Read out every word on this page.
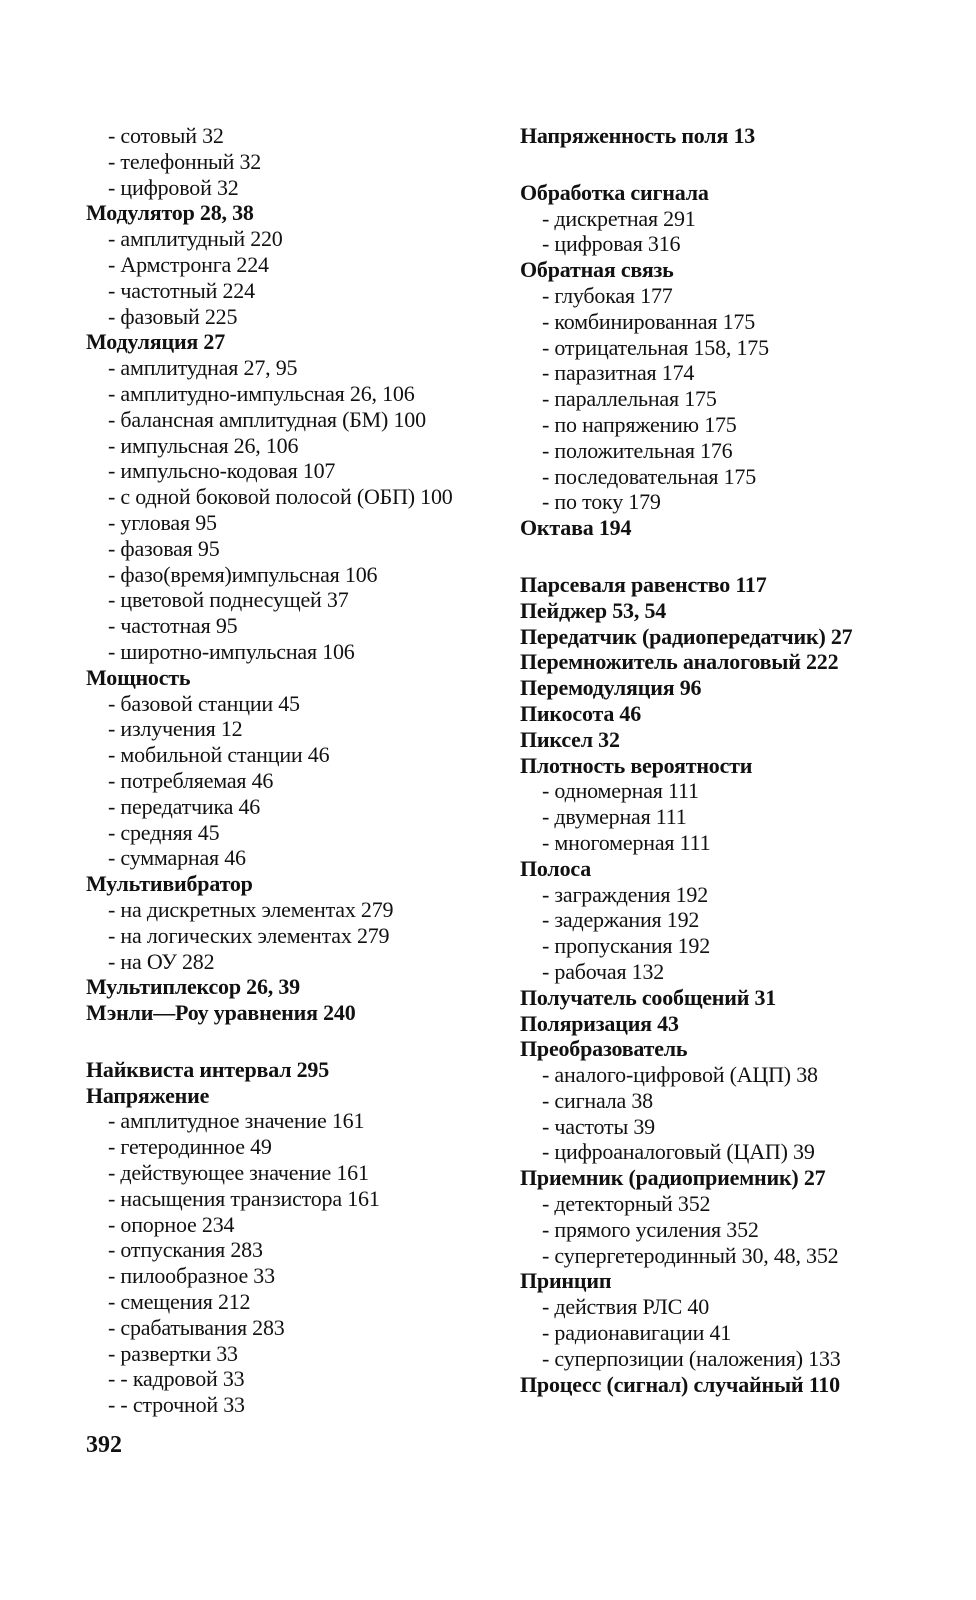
- сотовый 32
- телефонный 32
- цифровой 32
Модулятор 28, 38
- амплитудный 220
- Армстронга 224
- частотный 224
- фазовый 225
Модуляция 27
- амплитудная 27, 95
- амплитудно-импульсная 26, 106
- балансная амплитудная (БМ) 100
- импульсная 26, 106
- импульсно-кодовая 107
- с одной боковой полосой (ОБП) 100
- угловая 95
- фазовая 95
- фазо(время)импульсная 106
- цветовой поднесущей 37
- частотная 95
- широтно-импульсная 106
Мощность
- базовой станции 45
- излучения 12
- мобильной станции 46
- потребляемая 46
- передатчика 46
- средняя 45
- суммарная 46
Мультивибратор
- на дискретных элементах 279
- на логических элементах 279
- на ОУ 282
Мультиплексор 26, 39
Мэнли—Роу уравнения 240
Найквиста интервал 295
Напряжение
- амплитудное значение 161
- гетеродинное 49
- действующее значение 161
- насыщения транзистора 161
- опорное 234
- отпускания 283
- пилообразное 33
- смещения 212
- срабатывания 283
- развертки 33
- - кадровой 33
- - строчной 33
Напряженность поля 13
Обработка сигнала
- дискретная 291
- цифровая 316
Обратная связь
- глубокая 177
- комбинированная 175
- отрицательная 158, 175
- паразитная 174
- параллельная 175
- по напряжению 175
- положительная 176
- последовательная 175
- по току 179
Октава 194
Парсеваля равенство 117
Пейджер 53, 54
Передатчик (радиопередатчик) 27
Перемножитель аналоговый 222
Перемодуляция 96
Пикосота 46
Пиксел 32
Плотность вероятности
- одномерная 111
- двумерная 111
- многомерная 111
Полоса
- заграждения 192
- задержания 192
- пропускания 192
- рабочая 132
Получатель сообщений 31
Поляризация 43
Преобразователь
- аналого-цифровой (АЦП) 38
- сигнала 38
- частоты 39
- цифроаналоговый (ЦАП) 39
Приемник (радиоприемник) 27
- детекторный 352
- прямого усиления 352
- супергетеродинный 30, 48, 352
Принцип
- действия РЛС 40
- радионавигации 41
- суперпозиции (наложения) 133
Процесс (сигнал) случайный 110
392
